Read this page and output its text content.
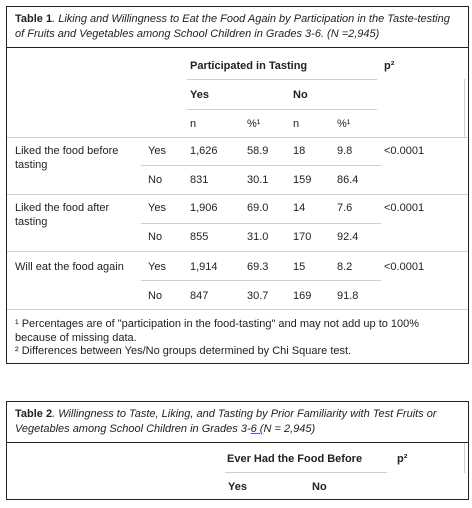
Table 1. Liking and Willingness to Eat the Food Again by Participation in the Taste-testing of Fruits and Vegetables among School Children in Grades 3-6. (N =2,945)
Participated in Tasting	p²
Yes	No
n	%¹	n	%¹
Liked the food before tasting
Yes 1,626	58.9 18	9.8	<0.0001
No	831	30.1 159 86.4
Liked the food after tasting
Yes 1,906	69.0 14	7.6	<0.0001
No	855	31.0 170 92.4
Will eat the food again	Yes 1,914	69.3 15	8.2	<0.0001
No	847	30.7 169 91.8
¹ Percentages are of "participation in the food-tasting" and may not add up to 100% because of missing data.
² Differences between Yes/No groups determined by Chi Square test.
Table 2. Willingness to Taste, Liking, and Tasting by Prior Familiarity with Test Fruits or Vegetables among School Children in Grades 3-6 (N = 2,945)
Ever Had the Food Before	p²
Yes	No
